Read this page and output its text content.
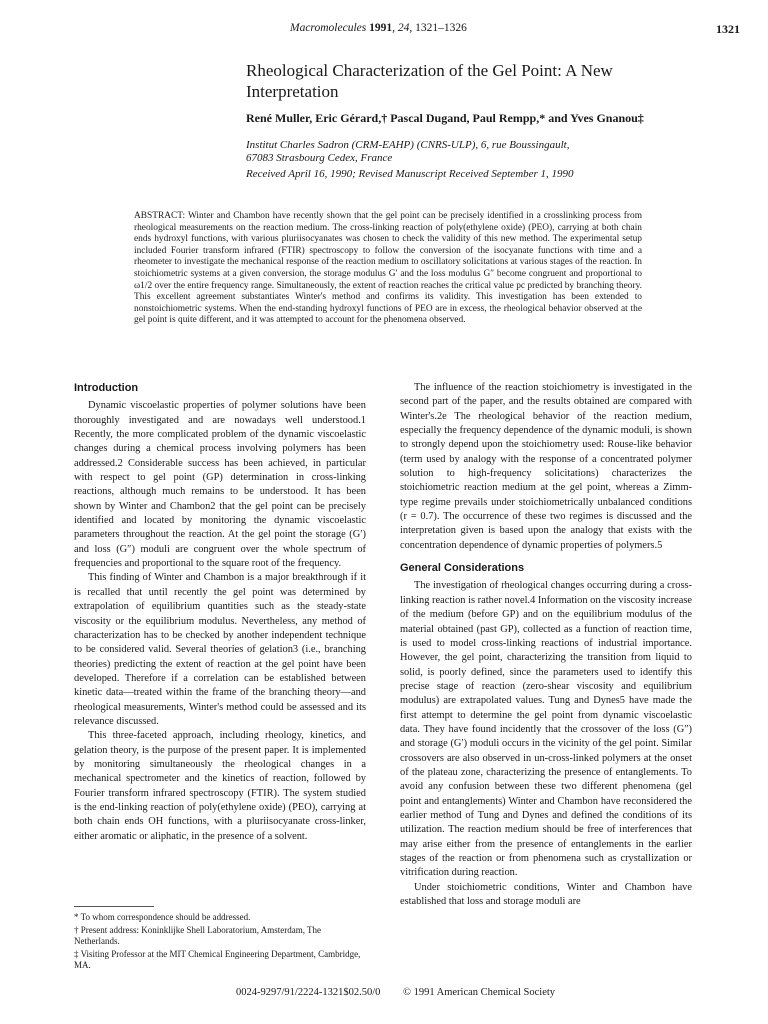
Macromolecules 1991, 24, 1321–1326	1321
Rheological Characterization of the Gel Point: A New Interpretation
René Muller, Eric Gérard,† Pascal Dugand, Paul Rempp,* and Yves Gnanou‡
Institut Charles Sadron (CRM-EAHP) (CNRS-ULP), 6, rue Boussingault,
67083 Strasbourg Cedex, France
Received April 16, 1990; Revised Manuscript Received September 1, 1990

ABSTRACT: Winter and Chambon have recently shown that the gel point can be precisely identified in a crosslinking process from rheological measurements on the reaction medium. The cross-linking reaction of poly(ethylene oxide) (PEO), carrying at both chain ends hydroxyl functions, with various pluriisocyanates was chosen to check the validity of this new method. The experimental setup included Fourier transform infrared (FTIR) spectroscopy to follow the conversion of the isocyanate functions with time and a rheometer to investigate the mechanical response of the reaction medium to oscillatory solicitations at various stages of the reaction. In stoichiometric systems at a given conversion, the storage modulus G′ and the loss modulus G″ become congruent and proportional to ω1/2 over the entire frequency range. Simultaneously, the extent of reaction reaches the critical value pc predicted by branching theory. This excellent agreement substantiates Winter's method and confirms its validity. This investigation has been extended to nonstoichiometric systems. When the end-standing hydroxyl functions of PEO are in excess, the rheological behavior observed at the gel point is quite different, and it was attempted to account for the phenomena observed.

Introduction

Dynamic viscoelastic properties of polymer solutions have been thoroughly investigated and are nowadays well understood.1 Recently, the more complicated problem of the dynamic viscoelastic changes during a chemical process involving polymers has been addressed.2 Considerable success has been achieved, in particular with respect to gel point (GP) determination in cross-linking reactions, although much remains to be understood. It has been shown by Winter and Chambon2 that the gel point can be precisely identified and located by monitoring the dynamic viscoelastic parameters throughout the reaction. At the gel point the storage (G′) and loss (G″) moduli are congruent over the whole spectrum of frequencies and proportional to the square root of the frequency.

This finding of Winter and Chambon is a major breakthrough if it is recalled that until recently the gel point was determined by extrapolation of equilibrium quantities such as the steady-state viscosity or the equilibrium modulus. Nevertheless, any method of characterization has to be checked by another independent technique to be considered valid. Several theories of gelation3 (i.e., branching theories) predicting the extent of reaction at the gel point have been developed. Therefore if a correlation can be established between kinetic data—treated within the frame of the branching theory—and rheological measurements, Winter's method could be assessed and its relevance discussed.

This three-faceted approach, including rheology, kinetics, and gelation theory, is the purpose of the present paper. It is implemented by monitoring simultaneously the rheological changes in a mechanical spectrometer and the kinetics of reaction, followed by Fourier transform infrared spectroscopy (FTIR). The system studied is the end-linking reaction of poly(ethylene oxide) (PEO), carrying at both chain ends OH functions, with a pluriisocyanate cross-linker, either aromatic or aliphatic, in the presence of a solvent.

* To whom correspondence should be addressed.

† Present address: Koninklijke Shell Laboratorium, Amsterdam, The Netherlands.

‡ Visiting Professor at the MIT Chemical Engineering Department, Cambridge, MA.

The influence of the reaction stoichiometry is investigated in the second part of the paper, and the results obtained are compared with Winter's.2e The rheological behavior of the reaction medium, especially the frequency dependence of the dynamic moduli, is shown to strongly depend upon the stoichiometry used: Rouse-like behavior (term used by analogy with the response of a concentrated polymer solution to high-frequency solicitations) characterizes the stoichiometric reaction medium at the gel point, whereas a Zimm-type regime prevails under stoichiometrically unbalanced conditions (r = 0.7). The occurrence of these two regimes is discussed and the interpretation given is based upon the analogy that exists with the concentration dependence of dynamic properties of polymers.5

General Considerations

The investigation of rheological changes occurring during a cross-linking reaction is rather novel.4 Information on the viscosity increase of the medium (before GP) and on the equilibrium modulus of the material obtained (past GP), collected as a function of reaction time, is used to model cross-linking reactions of industrial importance. However, the gel point, characterizing the transition from liquid to solid, is poorly defined, since the parameters used to identify this precise stage of reaction (zero-shear viscosity and equilibrium modulus) are extrapolated values. Tung and Dynes5 have made the first attempt to determine the gel point from dynamic viscoelastic data. They have found incidently that the crossover of the loss (G″) and storage (G′) moduli occurs in the vicinity of the gel point. Similar crossovers are also observed in un-cross-linked polymers at the onset of the plateau zone, characterizing the presence of entanglements. To avoid any confusion between these two different phenomena (gel point and entanglements) Winter and Chambon have reconsidered the earlier method of Tung and Dynes and defined the conditions of its utilization. The reaction medium should be free of interferences that may arise either from the presence of entanglements in the earlier stages of the reaction or from phenomena such as crystallization or vitrification during reaction.

Under stoichiometric conditions, Winter and Chambon have established that loss and storage moduli are

0024-9297/91/2224-1321$02.50/0 © 1991 American Chemical Society
